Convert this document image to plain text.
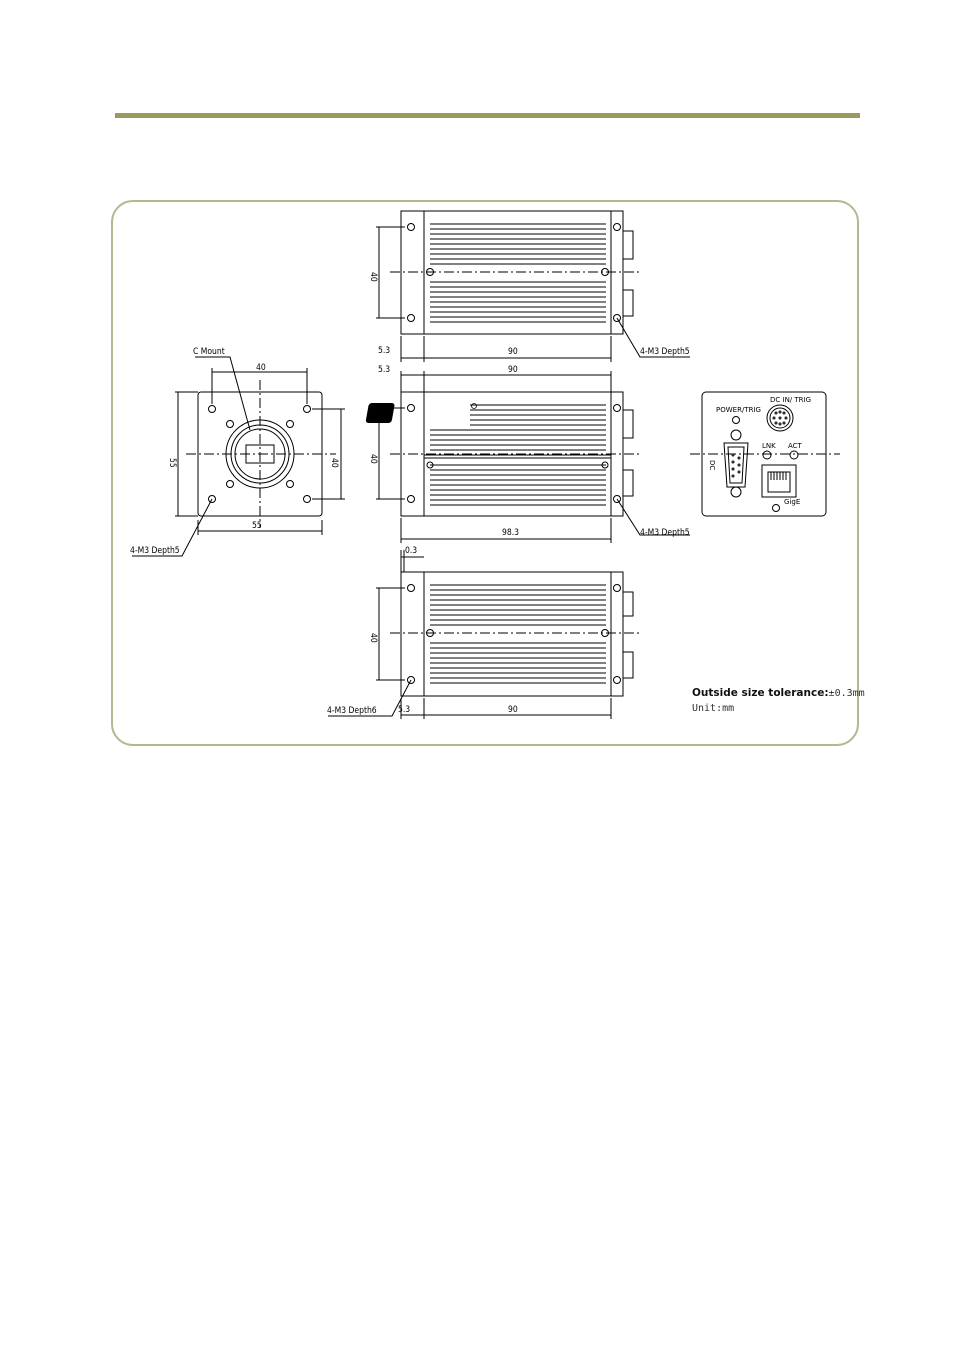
40
55
55	40
C Mount
4-M3 Depth5
40
5.3	90	4-M3 Depth5
JAI
5.3	90
40
98.3	4-M3 Depth5
0.3
40
5.3	90
4-M3 Depth6
POWER/TRIG
DC IN/ TRIG
DC
LNK ACT
GigE
Outside size tolerance:±0.3mm
Unit:mm
